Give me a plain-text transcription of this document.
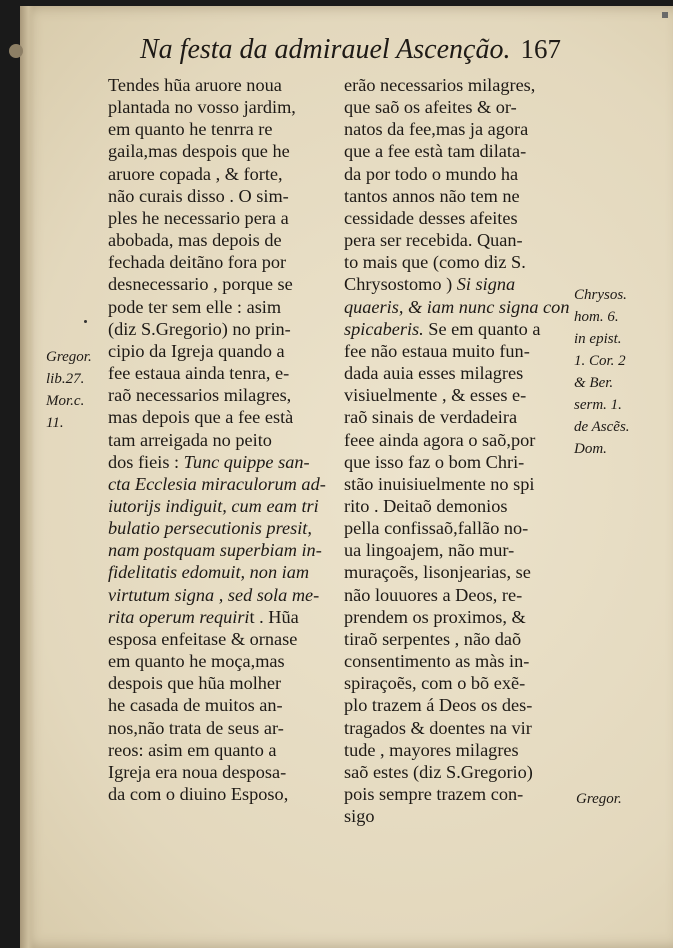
Na festa da admirauel Ascenção. 167
Tendes hũa aruore noua
plantada no vosso jardim,
em quanto he tenrra re
gaila,mas despois que he
aruore copada , & forte,
não curais disso . O sim-
ples he necessario pera a
abobada, mas depois de
fechada deitãno fora por
desnecessario , porque se
pode ter sem elle : asim
(diz S.Gregorio) no prin-
cipio da Igreja quando a
fee estaua ainda tenra, e-
raõ necessarios milagres,
mas depois que a fee està
tam arreigada no peito
dos fieis : Tunc quippe san-
cta Ecclesia miraculorum ad-
iutorijs indiguit, cum eam tri
bulatio persecutionis presit,
nam postquam superbiam in-
fidelitatis edomuit, non iam
virtutum signa , sed sola me-
rita operum requirit . Hũa
esposa enfeitase & ornase
em quanto he moça,mas
despois que hũa molher
he casada de muitos an-
nos,não trata de seus ar-
reos: asim em quanto a
Igreja era noua desposa-
da com o diuino Esposo,
erão necessarios milagres,
que saõ os afeites & or-
natos da fee,mas ja agora
que a fee està tam dilata-
da por todo o mundo ha
tantos annos não tem ne
cessidade desses afeites
pera ser recebida. Quan-
to mais que (como diz S.
Chrysostomo ) Si signa
quaeris, & iam nunc signa con
spicaberis. Se em quanto a
fee não estaua muito fun-
dada auia esses milagres
visiuelmente , & esses e-
raõ sinais de verdadeira
feee ainda agora o saõ,por
que isso faz o bom Chri-
stão inuisiuelmente no spi
rito . Deitaõ demonios
pella confissaõ,fallão no-
ua lingoajem, não mur-
muraçoẽs, lisonjearias, se
não louuores a Deos, re-
prendem os proximos, &
tiraõ serpentes , não daõ
consentimento as màs in-
spiraçoẽs, com o bõ exẽ-
plo trazem á Deos os des-
tragados & doentes na vir
tude , mayores milagres
saõ estes (diz S.Gregorio)
pois sempre trazem con-
sigo
Gregor.
lib.27.
Mor.c.
11.
Chrysos.
hom. 6.
in epist.
1. Cor. 2
& Ber.
serm. 1.
de Ascẽs.
Dom.
Gregor.
